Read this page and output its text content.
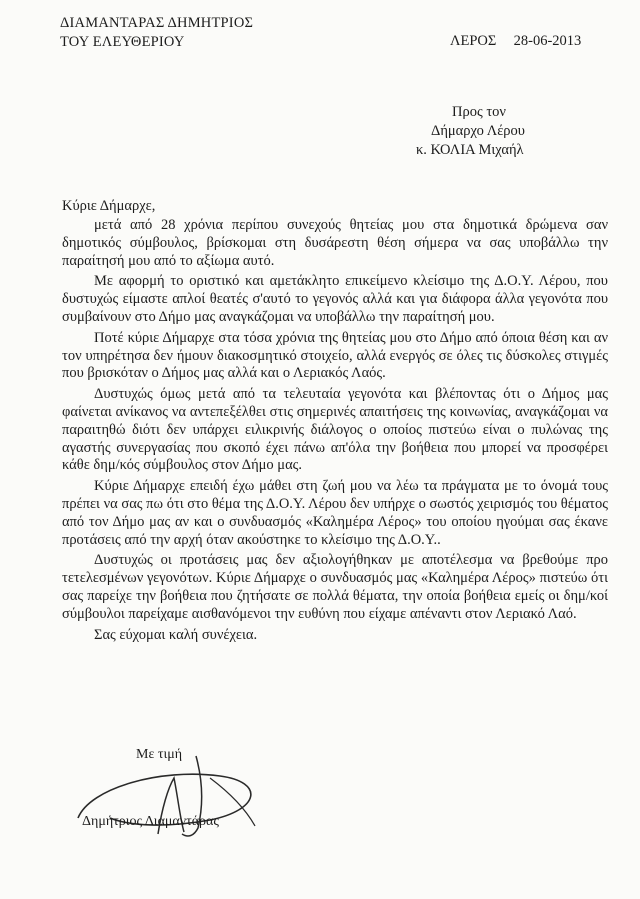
ΔΙΑΜΑΝΤΑΡΑΣ ΔΗΜΗΤΡΙΟΣ
ΤΟΥ ΕΛΕΥΘΕΡΙΟΥ	ΛΕΡΟΣ 28-06-2013
Προς τον
Δήμαρχο Λέρου
κ. ΚΟΛΙΑ Μιχαήλ
Κύριε Δήμαρχε,

μετά από 28 χρόνια περίπου συνεχούς θητείας μου στα δημοτικά δρώμενα σαν δημοτικός σύμβουλος, βρίσκομαι στη δυσάρεστη θέση σήμερα να σας υποβάλλω την παραίτησή μου από το αξίωμα αυτό.

Με αφορμή το οριστικό και αμετάκλητο επικείμενο κλείσιμο της Δ.Ο.Υ. Λέρου, που δυστυχώς είμαστε απλοί θεατές σ'αυτό το γεγονός αλλά και για διάφορα άλλα γεγονότα που συμβαίνουν στο Δήμο μας αναγκάζομαι να υποβάλλω την παραίτησή μου.

Ποτέ κύριε Δήμαρχε στα τόσα χρόνια της θητείας μου στο Δήμο από όποια θέση και αν τον υπηρέτησα δεν ήμουν διακοσμητικό στοιχείο, αλλά ενεργός σε όλες τις δύσκολες στιγμές που βρισκόταν ο Δήμος μας αλλά και ο Λεριακός Λαός.

Δυστυχώς όμως μετά από τα τελευταία γεγονότα και βλέποντας ότι ο Δήμος μας φαίνεται ανίκανος να αντεπεξέλθει στις σημερινές απαιτήσεις της κοινωνίας, αναγκάζομαι να παραιτηθώ διότι δεν υπάρχει ειλικρινής διάλογος ο οποίος πιστεύω είναι ο πυλώνας της αγαστής συνεργασίας που σκοπό έχει πάνω απ'όλα την βοήθεια που μπορεί να προσφέρει κάθε δημ/κός σύμβουλος στον Δήμο μας.

Κύριε Δήμαρχε επειδή έχω μάθει στη ζωή μου να λέω τα πράγματα με το όνομά τους πρέπει να σας πω ότι στο θέμα της Δ.Ο.Υ. Λέρου δεν υπήρχε ο σωστός χειρισμός του θέματος από τον Δήμο μας αν και ο συνδυασμός «Καλημέρα Λέρος» του οποίου ηγούμαι σας έκανε προτάσεις από την αρχή όταν ακούστηκε το κλείσιμο της Δ.Ο.Υ..

Δυστυχώς οι προτάσεις μας δεν αξιολογήθηκαν με αποτέλεσμα να βρεθούμε προ τετελεσμένων γεγονότων. Κύριε Δήμαρχε ο συνδυασμός μας «Καλημέρα Λέρος» πιστεύω ότι σας παρείχε την βοήθεια που ζητήσατε σε πολλά θέματα, την οποία βοήθεια εμείς οι δημ/κοί σύμβουλοι παρείχαμε αισθανόμενοι την ευθύνη που είχαμε απέναντι στον Λεριακό Λαό.

Σας εύχομαι καλή συνέχεια.

Με τιμή
Δημήτριος Διαμαντάρας
